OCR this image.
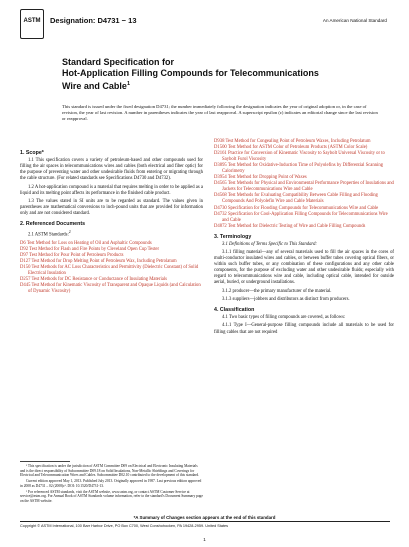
ASTM	Designation: D4731 − 13	An American National Standard
Standard Specification for
Hot-Application Filling Compounds for Telecommunications
Wire and Cable$^1$
This standard is issued under the fixed designation D4731; the number immediately following the designation indicates the year of original adoption or, in the case of revision, the year of last revision. A number in parentheses indicates the year of last reapproval. A superscript epsilon (ε) indicates an editorial change since the last revision or reapproval.
1. Scope*

1.1 This specification covers a variety of petroleum-based and other compounds used for filling the air spaces in telecommunications wires and cables (both electrical and fiber optic) for the purpose of preventing water and other undesirable fluids from entering or migrating through the cable structure. (For related standards see Specifications D4730 and D4732).

1.2 A hot-application compound is a material that requires melting in order to be applied as a liquid and its melting point affects its performance in the finished cable product.

1.3 The values stated in SI units are to be regarded as standard. The values given in parentheses are mathematical conversions to inch-pound units that are provided for information only and are not considered standard.

2. Referenced Documents

2.1 ASTM Standards:$^2$

D6 Test Method for Loss on Heating of Oil and Asphaltic Compounds
D92 Test Method for Flash and Fire Points by Cleveland Open Cup Tester
D97 Test Method for Pour Point of Petroleum Products
D127 Test Method for Drop Melting Point of Petroleum Wax, Including Petrolatum
D150 Test Methods for AC Loss Characteristics and Permittivity (Dielectric Constant) of Solid Electrical Insulation
D257 Test Methods for DC Resistance or Conductance of Insulating Materials
D445 Test Method for Kinematic Viscosity of Transparent and Opaque Liquids (and Calculation of Dynamic Viscosity)

¹ This specification is under the jurisdiction of ASTM Committee D09 on Electrical and Electronic Insulating Materials and is the direct responsibility of Subcommittee D09.18 on Solid Insulations, Non-Metallic Shieldings and Coverings for Electrical and Telecommunication Wires and Cables. Subcommittee D02.10 contributed to the development of this standard.

Current edition approved May 1, 2013. Published July 2013. Originally approved in 1987. Last previous edition approved in 2008 as D4731 – 02 (2008)ε¹. DOI: 10.1520/D4731-13.

² For referenced ASTM standards, visit the ASTM website, www.astm.org, or contact ASTM Customer Service at service@astm.org. For Annual Book of ASTM Standards volume information, refer to the standard's Document Summary page on the ASTM website.

D938 Test Method for Congealing Point of Petroleum Waxes, Including Petrolatum
D1500 Test Method for ASTM Color of Petroleum Products (ASTM Color Scale)
D2161 Practice for Conversion of Kinematic Viscosity to Saybolt Universal Viscosity or to Saybolt Furol Viscosity
D3895 Test Method for Oxidative-Induction Time of Polyolefins by Differential Scanning Calorimetry
D3954 Test Method for Dropping Point of Waxes
D4565 Test Methods for Physical and Environmental Performance Properties of Insulations and Jackets for Telecommunications Wire and Cable
D4568 Test Methods for Evaluating Compatibility Between Cable Filling and Flooding Compounds And Polyolefin Wire and Cable Materials
D4730 Specification for Flooding Compounds for Telecommunications Wire and Cable
D4732 Specification for Cool-Application Filling Compounds for Telecommunications Wire and Cable
D4872 Test Method for Dielectric Testing of Wire and Cable Filling Compounds
3. Terminology

3.1 Definitions of Terms Specific to This Standard:

3.1.1 filling material—any of several materials used to fill the air spaces in the cores of multi-conductor insulated wires and cables, or between buffer tubes covering optical fibers, or within such buffer tubes, or any combination of these configurations and any other cable components, for the purpose of excluding water and other undesirable fluids; especially with regard to telecommunications wire and cable, including optical cable, intended for outside aerial, buried, or underground installations.

3.1.2 producer—the primary manufacturer of the material.

3.1.3 suppliers—jobbers and distributors as distinct from producers.

4. Classification

4.1 Two basic types of filling compounds are covered, as follows:

4.1.1 Type I—General-purpose filling compounds include all materials to be used for filling cables that are not required

*A Summary of Changes section appears at the end of this standard
Copyright © ASTM International, 100 Barr Harbor Drive, PO Box C700, West Conshohocken, PA 19428-2959. United States
1
